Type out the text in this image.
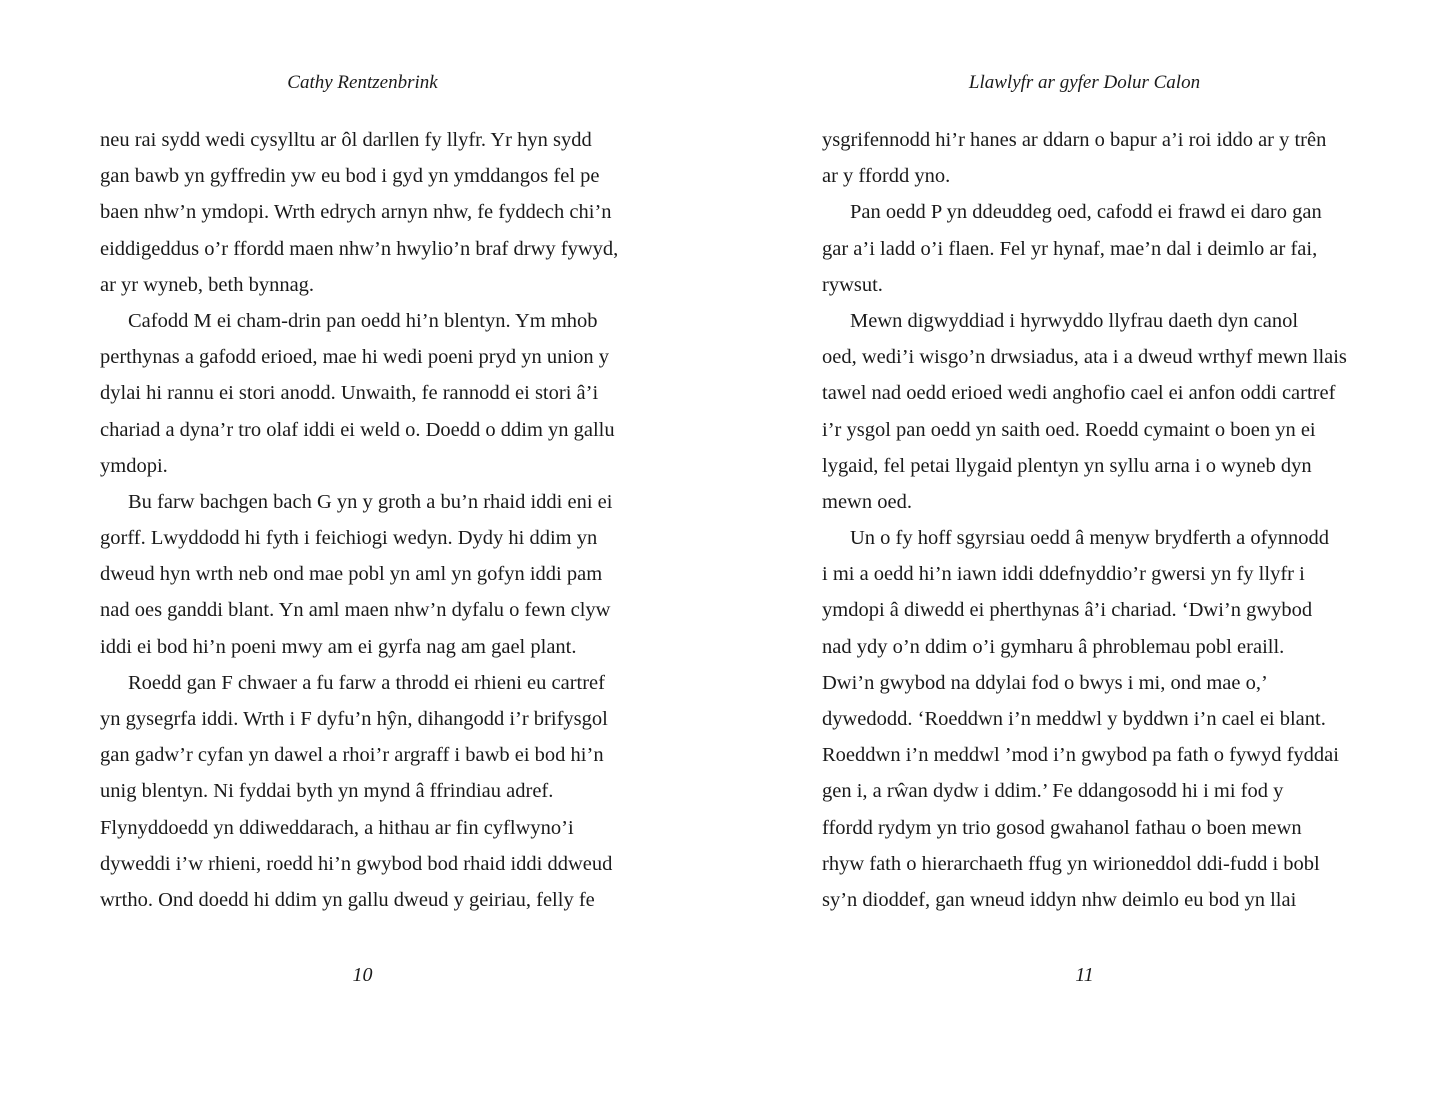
Cathy Rentzenbrink
neu rai sydd wedi cysylltu ar ôl darllen fy llyfr. Yr hyn sydd
gan bawb yn gyffredin yw eu bod i gyd yn ymddangos fel pe
baen nhw’n ymdopi. Wrth edrych arnyn nhw, fe fyddech chi’n
eiddigeddus o’r ffordd maen nhw’n hwylio’n braf drwy fywyd,
ar yr wyneb, beth bynnag.
Cafodd M ei cham-drin pan oedd hi’n blentyn. Ym mhob
perthynas a gafodd erioed, mae hi wedi poeni pryd yn union y
dylai hi rannu ei stori anodd. Unwaith, fe rannodd ei stori â’i
chariad a dyna’r tro olaf iddi ei weld o. Doedd o ddim yn gallu
ymdopi.
Bu farw bachgen bach G yn y groth a bu’n rhaid iddi eni ei
gorff. Lwyddodd hi fyth i feichiogi wedyn. Dydy hi ddim yn
dweud hyn wrth neb ond mae pobl yn aml yn gofyn iddi pam
nad oes ganddi blant. Yn aml maen nhw’n dyfalu o fewn clyw
iddi ei bod hi’n poeni mwy am ei gyrfa nag am gael plant.
Roedd gan F chwaer a fu farw a throdd ei rhieni eu cartref
yn gysegrfa iddi. Wrth i F dyfu’n hŷn, dihangodd i’r brifysgol
gan gadw’r cyfan yn dawel a rhoi’r argraff i bawb ei bod hi’n
unig blentyn. Ni fyddai byth yn mynd â ffrindiau adref.
Flynyddoedd yn ddiweddarach, a hithau ar fin cyflwyno’i
dyweddi i’w rhieni, roedd hi’n gwybod bod rhaid iddi ddweud
wrtho. Ond doedd hi ddim yn gallu dweud y geiriau, felly fe
10
Llawlyfr ar gyfer Dolur Calon
ysgrifennodd hi’r hanes ar ddarn o bapur a’i roi iddo ar y trên
ar y ffordd yno.
Pan oedd P yn ddeuddeg oed, cafodd ei frawd ei daro gan
gar a’i ladd o’i flaen. Fel yr hynaf, mae’n dal i deimlo ar fai,
rywsut.
Mewn digwyddiad i hyrwyddo llyfrau daeth dyn canol
oed, wedi’i wisgo’n drwsiadus, ata i a dweud wrthyf mewn llais
tawel nad oedd erioed wedi anghofio cael ei anfon oddi cartref
i’r ysgol pan oedd yn saith oed. Roedd cymaint o boen yn ei
lygaid, fel petai llygaid plentyn yn syllu arna i o wyneb dyn
mewn oed.
Un o fy hoff sgyrsiau oedd â menyw brydferth a ofynnodd
i mi a oedd hi’n iawn iddi ddefnyddio’r gwersi yn fy llyfr i
ymdopi â diwedd ei pherthynas â’i chariad. ‘Dwi’n gwybod
nad ydy o’n ddim o’i gymharu â phroblemau pobl eraill.
Dwi’n gwybod na ddylai fod o bwys i mi, ond mae o,’
dywedodd. ‘Roeddwn i’n meddwl y byddwn i’n cael ei blant.
Roeddwn i’n meddwl ’mod i’n gwybod pa fath o fywyd fyddai
gen i, a rŵan dydw i ddim.’ Fe ddangosodd hi i mi fod y
ffordd rydym yn trio gosod gwahanol fathau o boen mewn
rhyw fath o hierarchaeth ffug yn wirioneddol ddi-fudd i bobl
sy’n dioddef, gan wneud iddyn nhw deimlo eu bod yn llai
11
